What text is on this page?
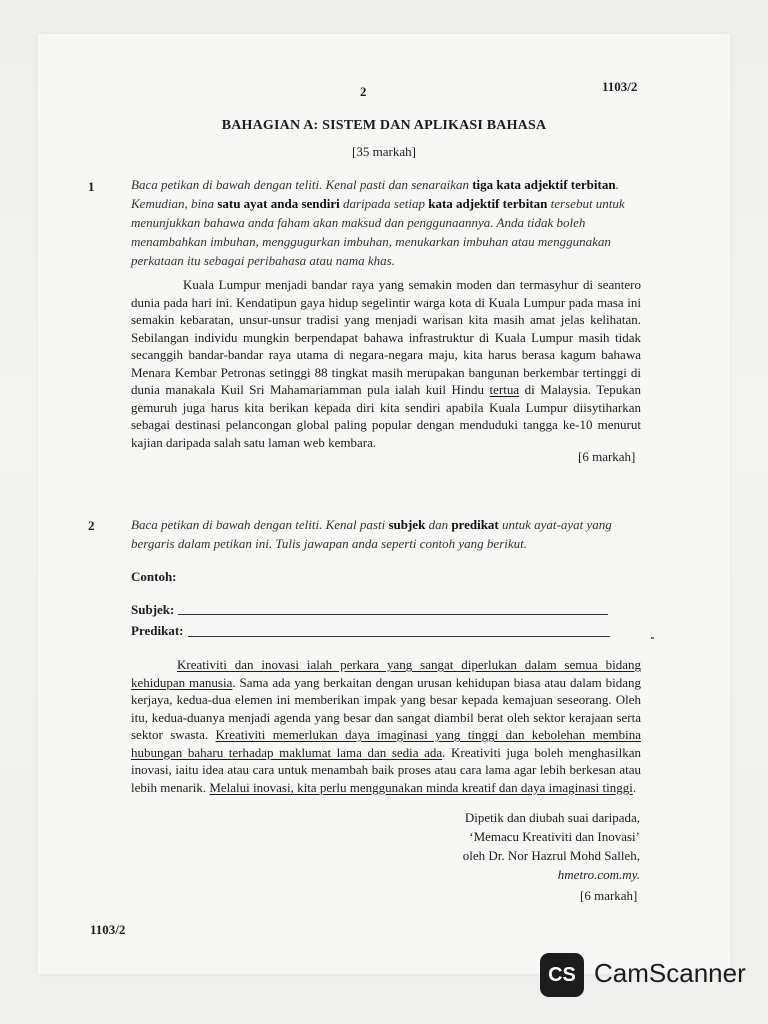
2	1103/2
BAHAGIAN A: SISTEM DAN APLIKASI BAHASA
[35 markah]
1	Baca petikan di bawah dengan teliti. Kenal pasti dan senaraikan tiga kata adjektif terbitan.
Kemudian, bina satu ayat anda sendiri daripada setiap kata adjektif terbitan tersebut untuk
menunjukkan bahawa anda faham akan maksud dan penggunaannya. Anda tidak boleh
menambahkan imbuhan, menggugurkan imbuhan, menukarkan imbuhan atau menggunakan
perkataan itu sebagai peribahasa atau nama khas.
Kuala Lumpur menjadi bandar raya yang semakin moden dan termasyhur di seantero dunia pada hari ini. Kendatipun gaya hidup segelintir warga kota di Kuala Lumpur pada masa ini semakin kebaratan, unsur-unsur tradisi yang menjadi warisan kita masih amat jelas kelihatan. Sebilangan individu mungkin berpendapat bahawa infrastruktur di Kuala Lumpur masih tidak secanggih bandar-bandar raya utama di negara-negara maju, kita harus berasa kagum bahawa Menara Kembar Petronas setinggi 88 tingkat masih merupakan bangunan berkembar tertinggi di dunia manakala Kuil Sri Mahamariamman pula ialah kuil Hindu tertua di Malaysia. Tepukan gemuruh juga harus kita berikan kepada diri kita sendiri apabila Kuala Lumpur diisytiharkan sebagai destinasi pelancongan global paling popular dengan menduduki tangga ke-10 menurut kajian daripada salah satu laman web kembara.
[6 markah]
2	Baca petikan di bawah dengan teliti. Kenal pasti subjek dan predikat untuk ayat-ayat yang
bergaris dalam petikan ini. Tulis jawapan anda seperti contoh yang berikut.
Contoh:
Subjek:
Predikat:
Kreativiti dan inovasi ialah perkara yang sangat diperlukan dalam semua bidang kehidupan manusia. Sama ada yang berkaitan dengan urusan kehidupan biasa atau dalam bidang kerjaya, kedua-dua elemen ini memberikan impak yang besar kepada kemajuan seseorang. Oleh itu, kedua-duanya menjadi agenda yang besar dan sangat diambil berat oleh sektor kerajaan serta sektor swasta. Kreativiti memerlukan daya imaginasi yang tinggi dan kebolehan membina hubungan baharu terhadap maklumat lama dan sedia ada. Kreativiti juga boleh menghasilkan inovasi, iaitu idea atau cara untuk menambah baik proses atau cara lama agar lebih berkesan atau lebih menarik. Melalui inovasi, kita perlu menggunakan minda kreatif dan daya imaginasi tinggi.
Dipetik dan diubah suai daripada,
‘Memacu Kreativiti dan Inovasi’
oleh Dr. Nor Hazrul Mohd Salleh,
hmetro.com.my.
[6 markah]
1103/2
CS CamScanner
